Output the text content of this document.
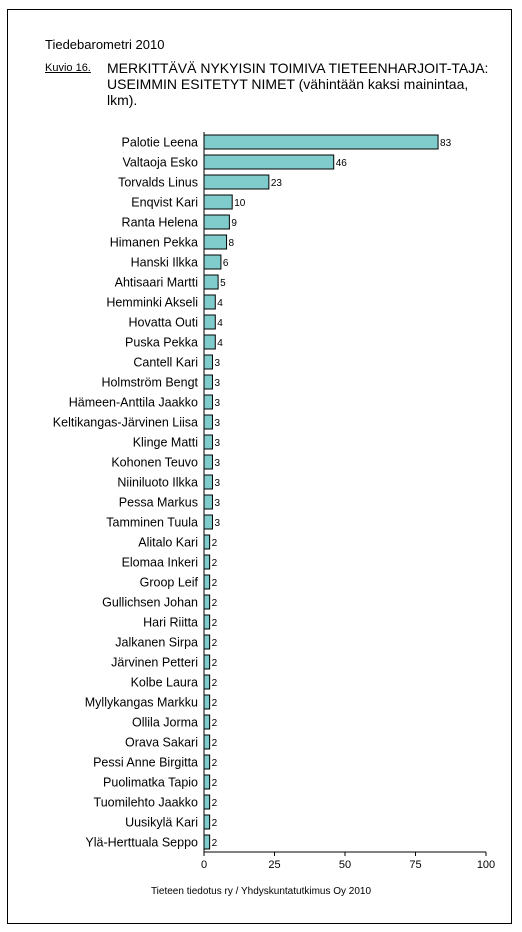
Tiedebarometri 2010
Kuvio 16. MERKITTÄVÄ NYKYISIN TOIMIVA TIETEENHARJOIT-TAJA: USEIMMIN ESITETYT NIMET (vähintään kaksi mainintaa, lkm).
Palotie Leena	83
Valtaoja Esko	46
Torvalds Linus	23
Enqvist Kari	10
Ranta Helena	9
Himanen Pekka	8
Hanski Ilkka 6
Ahtisaari Martti 5
Hemminki Akseli 4
Hovatta Outi 4
Puska Pekka 4
Cantell Kari 3
Holmström Bengt 3
Hämeen-Anttila Jaakko 3
Keltikangas-Järvinen Liisa 3
Klinge Matti 3
Kohonen Teuvo 3
Niiniluoto Ilkka 3
Pessa Markus 3
Tamminen Tuula 3
Alitalo Kari 2
Elomaa Inkeri 2
Groop Leif 2
Gullichsen Johan 2
Hari Riitta 2
Jalkanen Sirpa 2
Järvinen Petteri 2
Kolbe Laura 2
Myllykangas Markku 2
Ollila Jorma 2
Orava Sakari 2
Pessi Anne Birgitta 2
Puolimatka Tapio 2
Tuomilehto Jaakko 2
Uusikylä Kari 2
Ylä-Herttuala Seppo 2
0	25	50	75	100
Tieteen tiedotus ry / Yhdyskuntatutkimus Oy 2010
